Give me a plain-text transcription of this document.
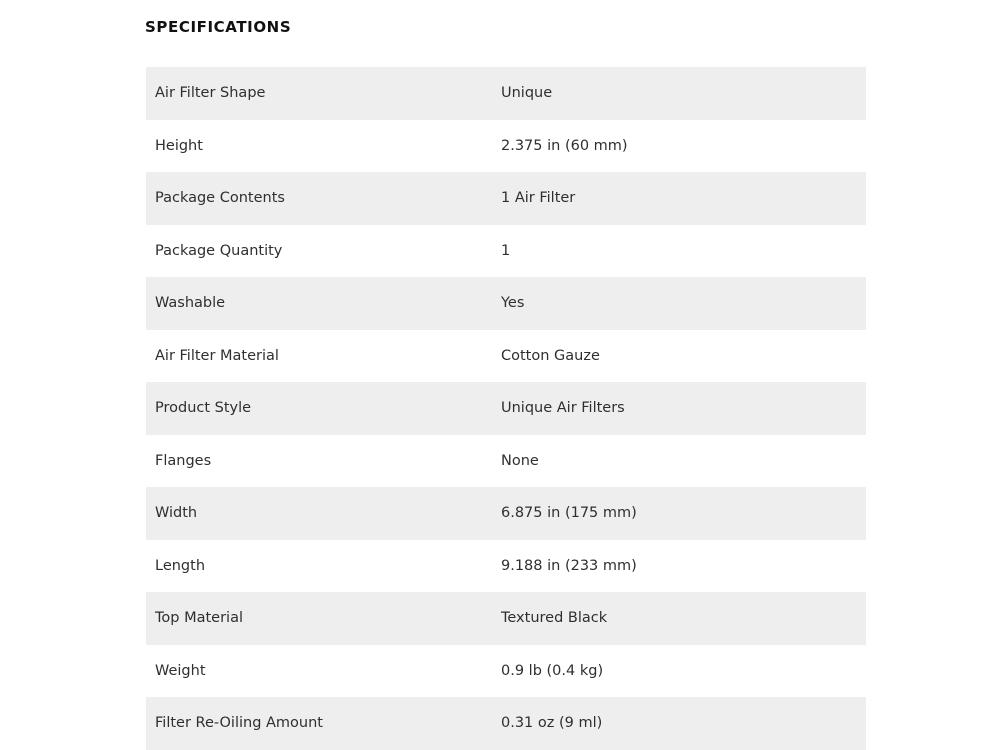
SPECIFICATIONS
Air Filter Shape	Unique
Height	2.375 in (60 mm)
Package Contents	1 Air Filter
Package Quantity	1
Washable	Yes
Air Filter Material	Cotton Gauze
Product Style	Unique Air Filters
Flanges	None
Width	6.875 in (175 mm)
Length	9.188 in (233 mm)
Top Material	Textured Black
Weight	0.9 lb (0.4 kg)
Filter Re-Oiling Amount	0.31 oz (9 ml)
